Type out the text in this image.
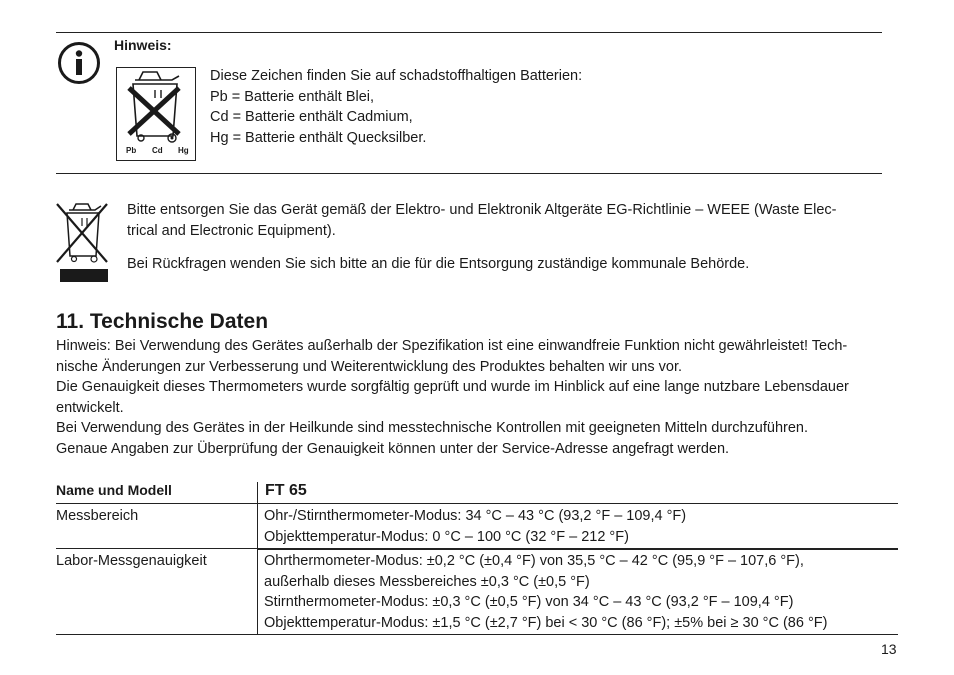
Hinweis:
Pb Cd Hg
Diese Zeichen finden Sie auf schadstoffhaltigen Batterien:
Pb = Batterie enthält Blei,
Cd = Batterie enthält Cadmium,
Hg = Batterie enthält Quecksilber.
Bitte entsorgen Sie das Gerät gemäß der Elektro- und Elektronik Altgeräte EG-Richtlinie – WEEE (Waste Elec-
trical and Electronic Equipment).
Bei Rückfragen wenden Sie sich bitte an die für die Entsorgung zuständige kommunale Behörde.
11. Technische Daten
Hinweis: Bei Verwendung des Gerätes außerhalb der Spezifikation ist eine einwandfreie Funktion nicht gewährleistet! Tech-
nische Änderungen zur Verbesserung und Weiterentwicklung des Produktes behalten wir uns vor.
Die Genauigkeit dieses Thermometers wurde sorgfältig geprüft und wurde im Hinblick auf eine lange nutzbare Lebensdauer
entwickelt.
Bei Verwendung des Gerätes in der Heilkunde sind messtechnische Kontrollen mit geeigneten Mitteln durchzuführen.
Genaue Angaben zur Überprüfung der Genauigkeit können unter der Service-Adresse angefragt werden.
Name und Modell	FT 65
Messbereich	Ohr-/Stirnthermometer-Modus: 34 °C – 43 °C (93,2 °F – 109,4 °F)
Objekttemperatur-Modus: 0 °C – 100 °C (32 °F – 212 °F)
Labor-Messgenauigkeit	Ohrthermometer-Modus: ±0,2 °C (±0,4 °F) von 35,5 °C – 42 °C (95,9 °F – 107,6 °F),
außerhalb dieses Messbereiches ±0,3 °C (±0,5 °F)
Stirnthermometer-Modus: ±0,3 °C (±0,5 °F) von 34 °C – 43 °C (93,2 °F – 109,4 °F)
Objekttemperatur-Modus: ±1,5 °C (±2,7 °F) bei < 30 °C (86 °F); ±5% bei ≥ 30 °C (86 °F)
13
